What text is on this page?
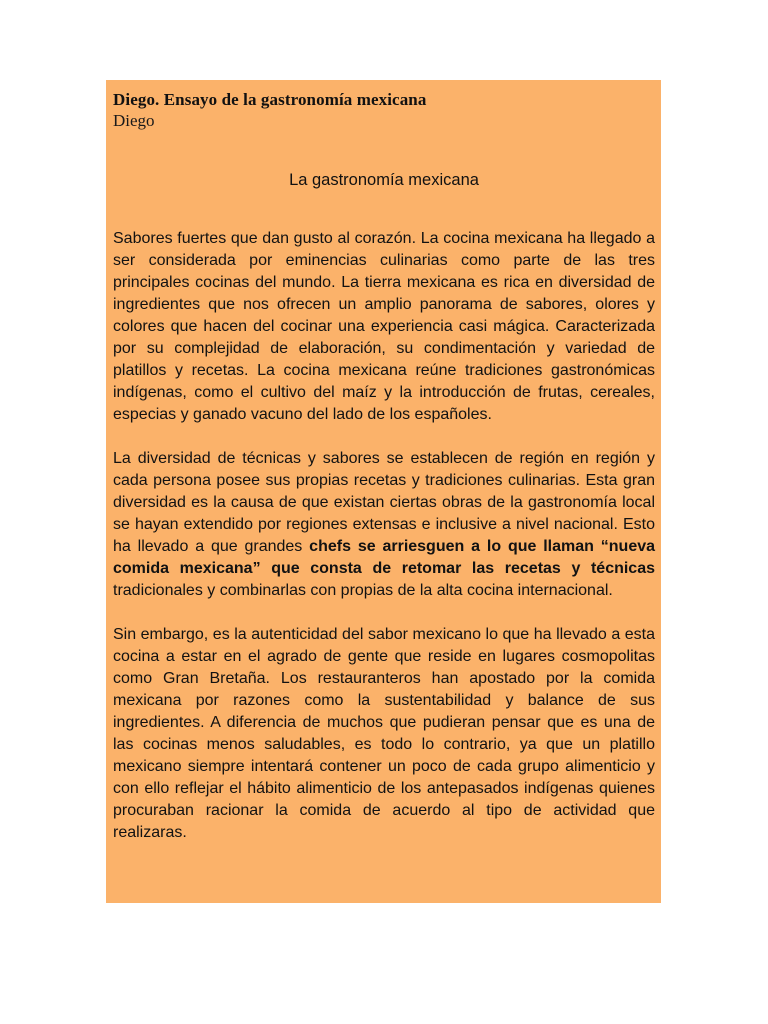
Diego. Ensayo de la gastronomía mexicana
Diego
La gastronomía mexicana

Sabores fuertes que dan gusto al corazón. La cocina mexicana ha llegado a ser considerada por eminencias culinarias como parte de las tres principales cocinas del mundo. La tierra mexicana es rica en diversidad de ingredientes que nos ofrecen un amplio panorama de sabores, olores y colores que hacen del cocinar una experiencia casi mágica. Caracterizada por su complejidad de elaboración, su condimentación y variedad de platillos y recetas. La cocina mexicana reúne tradiciones gastronómicas indígenas, como el cultivo del maíz y la introducción de frutas, cereales, especias y ganado vacuno del lado de los españoles.

La diversidad de técnicas y sabores se establecen de región en región y cada persona posee sus propias recetas y tradiciones culinarias. Esta gran diversidad es la causa de que existan ciertas obras de la gastronomía local se hayan extendido por regiones extensas e inclusive a nivel nacional. Esto ha llevado a que grandes chefs se arriesguen a lo que llaman “nueva comida mexicana” que consta de retomar las recetas y técnicas tradicionales y combinarlas con propias de la alta cocina internacional.

Sin embargo, es la autenticidad del sabor mexicano lo que ha llevado a esta cocina a estar en el agrado de gente que reside en lugares cosmopolitas como Gran Bretaña. Los restauranteros han apostado por la comida mexicana por razones como la sustentabilidad y balance de sus ingredientes. A diferencia de muchos que pudieran pensar que es una de las cocinas menos saludables, es todo lo contrario, ya que un platillo mexicano siempre intentará contener un poco de cada grupo alimenticio y con ello reflejar el hábito alimenticio de los antepasados indígenas quienes procuraban racionar la comida de acuerdo al tipo de actividad que realizaras.
